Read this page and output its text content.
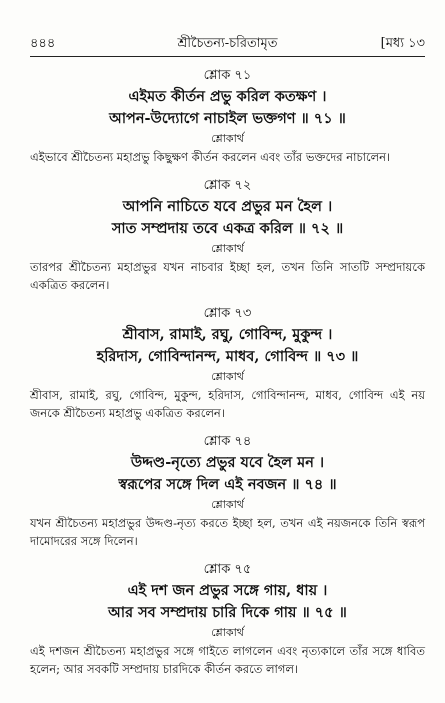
৪৪৪	শ্রীচৈতন্য-চরিতামৃত	[মধ্য ১৩
শ্লোক ৭১
এইমত কীর্তন প্রভু করিল কতক্ষণ ।
আপন-উদ্যোগে নাচাইল ভক্তগণ ॥ ৭১ ॥
শ্লোকার্থ
এইভাবে শ্রীচৈতন্য মহাপ্রভু কিছুক্ষণ কীর্তন করলেন এবং তাঁর ভক্তদের নাচালেন।
শ্লোক ৭২
আপনি নাচিতে যবে প্রভুর মন হৈল ।
সাত সম্প্রদায় তবে একত্র করিল ॥ ৭২ ॥
শ্লোকার্থ
তারপর শ্রীচৈতন্য মহাপ্রভুর যখন নাচবার ইচ্ছা হল, তখন তিনি সাতটি সম্প্রদায়কে একত্রিত করলেন।
শ্লোক ৭৩
শ্রীবাস, রামাই, রঘু, গোবিন্দ, মুকুন্দ ।
হরিদাস, গোবিন্দানন্দ, মাধব, গোবিন্দ ॥ ৭৩ ॥
শ্লোকার্থ
শ্রীবাস, রামাই, রঘু, গোবিন্দ, মুকুন্দ, হরিদাস, গোবিন্দানন্দ, মাধব, গোবিন্দ এই নয় জনকে শ্রীচৈতন্য মহাপ্রভু একত্রিত করলেন।
শ্লোক ৭৪
উদ্দণ্ড-নৃত্যে প্রভুর যবে হৈল মন ।
স্বরূপের সঙ্গে দিল এই নবজন ॥ ৭৪ ॥
শ্লোকার্থ
যখন শ্রীচৈতন্য মহাপ্রভুর উদ্দণ্ড-নৃত্য করতে ইচ্ছা হল, তখন এই নয়জনকে তিনি স্বরূপ দামোদরের সঙ্গে দিলেন।
শ্লোক ৭৫
এই দশ জন প্রভুর সঙ্গে গায়, ধায় ।
আর সব সম্প্রদায় চারি দিকে গায় ॥ ৭৫ ॥
শ্লোকার্থ
এই দশজন শ্রীচৈতন্য মহাপ্রভুর সঙ্গে গাইতে লাগলেন এবং নৃত্যকালে তাঁর সঙ্গে ধাবিত হলেন; আর সবকটি সম্প্রদায় চারদিকে কীর্তন করতে লাগল।
